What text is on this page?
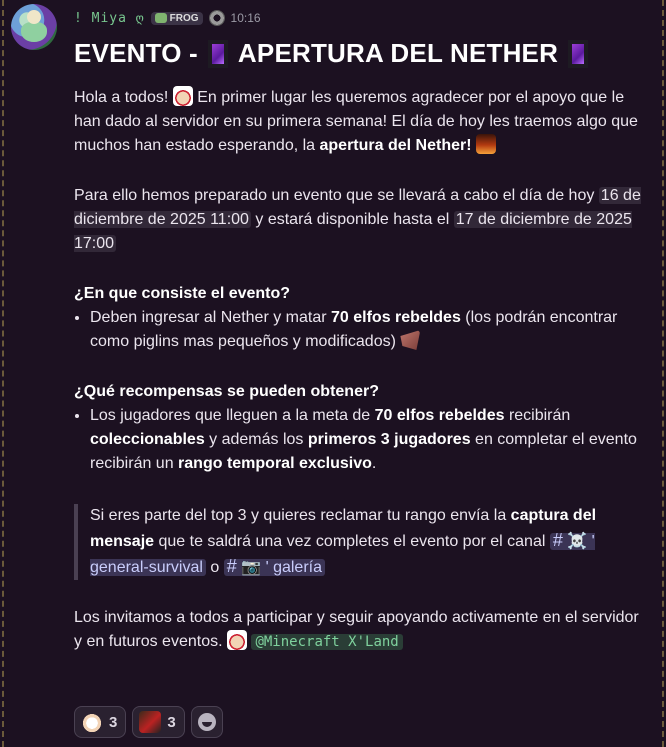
! Miya ღ	FROG	10:16
EVENTO - APERTURA DEL NETHER

Hola a todos!  En primer lugar les queremos agradecer por el apoyo que le han dado al servidor en su primera semana! El día de hoy les traemos algo que muchos han estado esperando, la apertura del Nether!

Para ello hemos preparado un evento que se llevará a cabo el día de hoy 16 de diciembre de 2025 11:00 y estará disponible hasta el 17 de diciembre de 2025 17:00

¿En que consiste el evento?
• Deben ingresar al Nether y matar 70 elfos rebeldes (los podrán encontrar como piglins mas pequeños y modificados)
¿Qué recompensas se pueden obtener?
• Los jugadores que lleguen a la meta de 70 elfos rebeldes recibirán coleccionables y además los primeros 3 jugadores en completar el evento recibirán un rango temporal exclusivo.
Si eres parte del top 3 y quieres reclamar tu rango envía la captura del mensaje que te saldrá una vez completes el evento por el canal # ☠️ ' general-survival o # 📷 ' galería

Los invitamos a todos a participar y seguir apoyando activamente en el servidor y en futuros eventos. @Minecraft X'Land

3	3
